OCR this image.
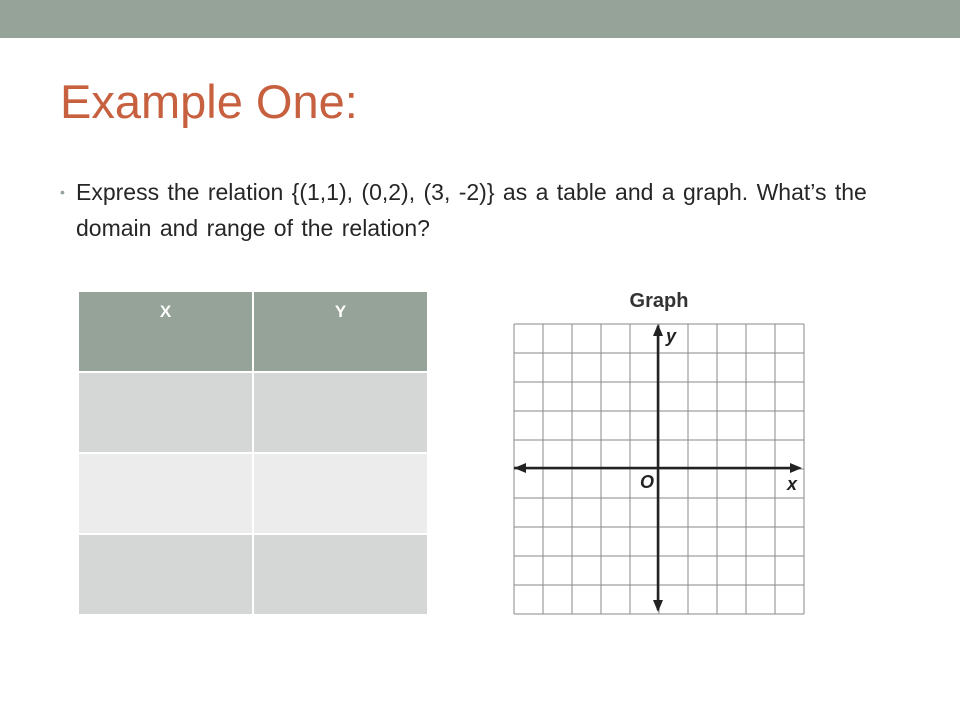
Example One:
• Express the relation {(1,1), (0,2), (3, -2)} as a table and a graph. What’s the domain and range of the relation?
X	Y

		Graph
y
x
O
